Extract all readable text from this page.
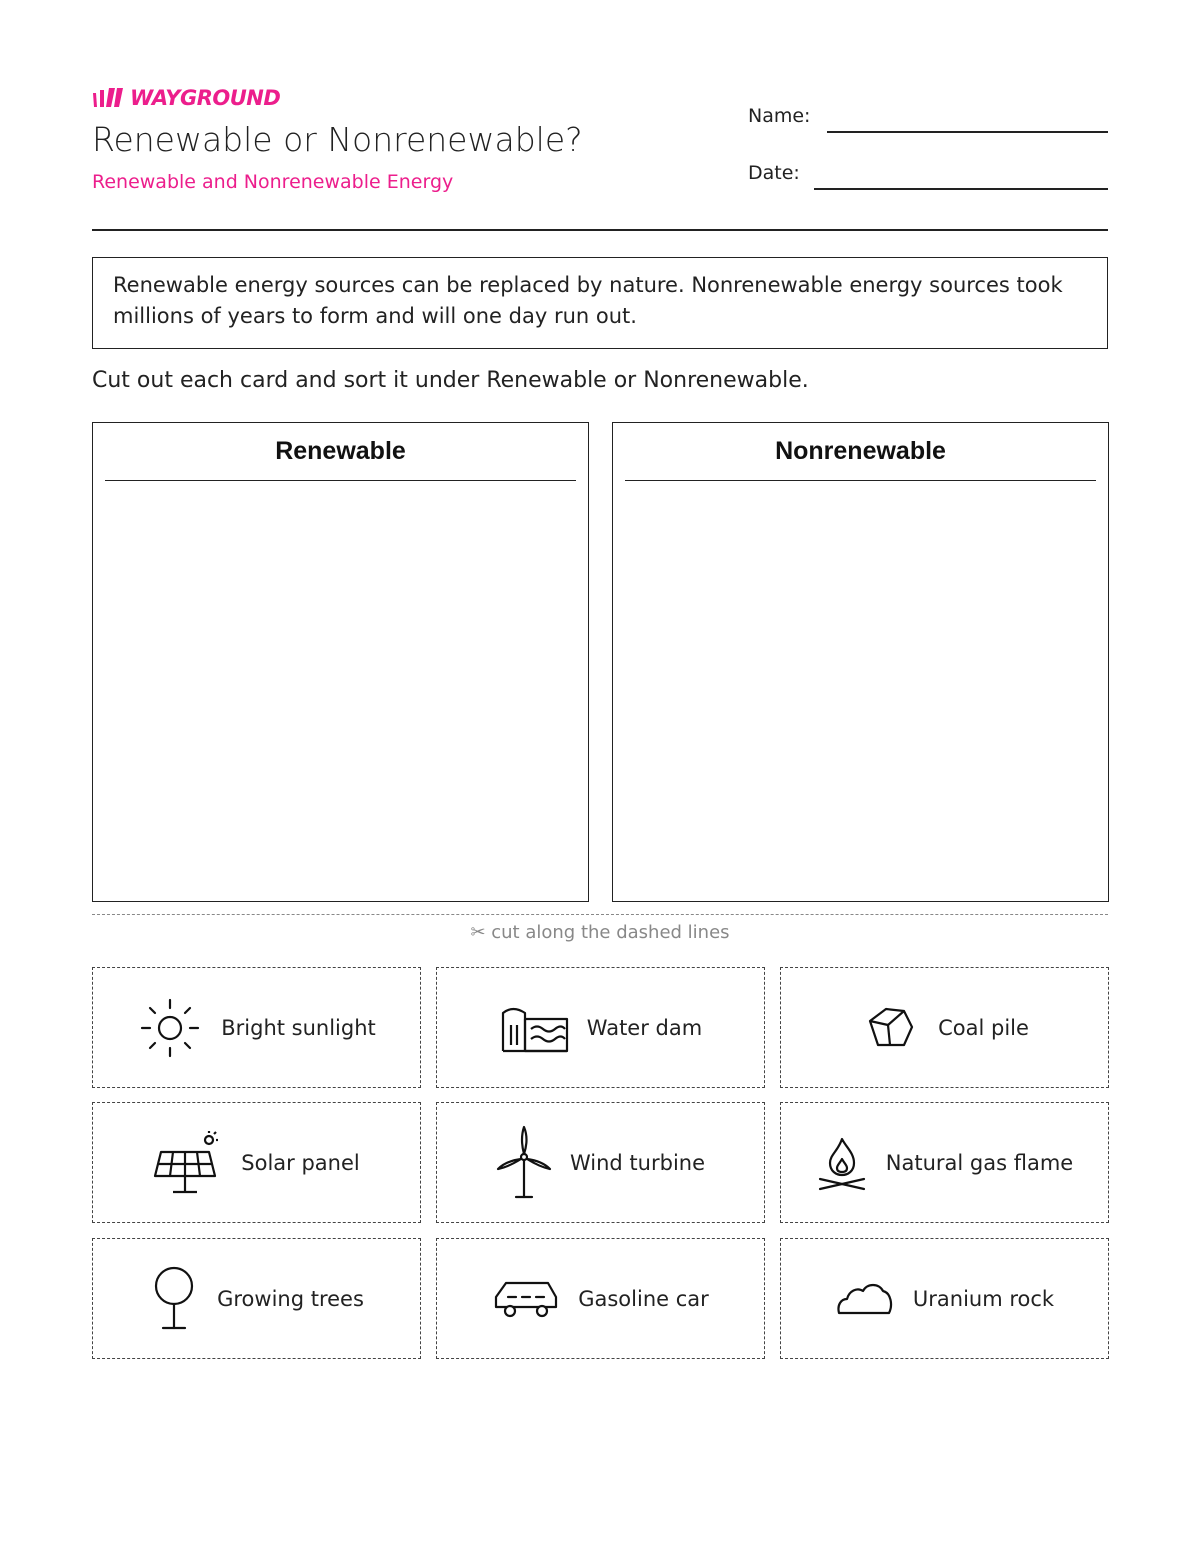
WAYGROUND
Renewable or Nonrenewable?
Renewable and Nonrenewable Energy
Name:
Date:
Renewable energy sources can be replaced by nature. Nonrenewable energy sources took millions of years to form and will one day run out.
Cut out each card and sort it under Renewable or Nonrenewable.
Renewable	Nonrenewable
✂ cut along the dashed lines
Bright sunlight	Water dam	Coal pile
Solar panel	Wind turbine	Natural gas flame
Growing trees	Gasoline car	Uranium rock
